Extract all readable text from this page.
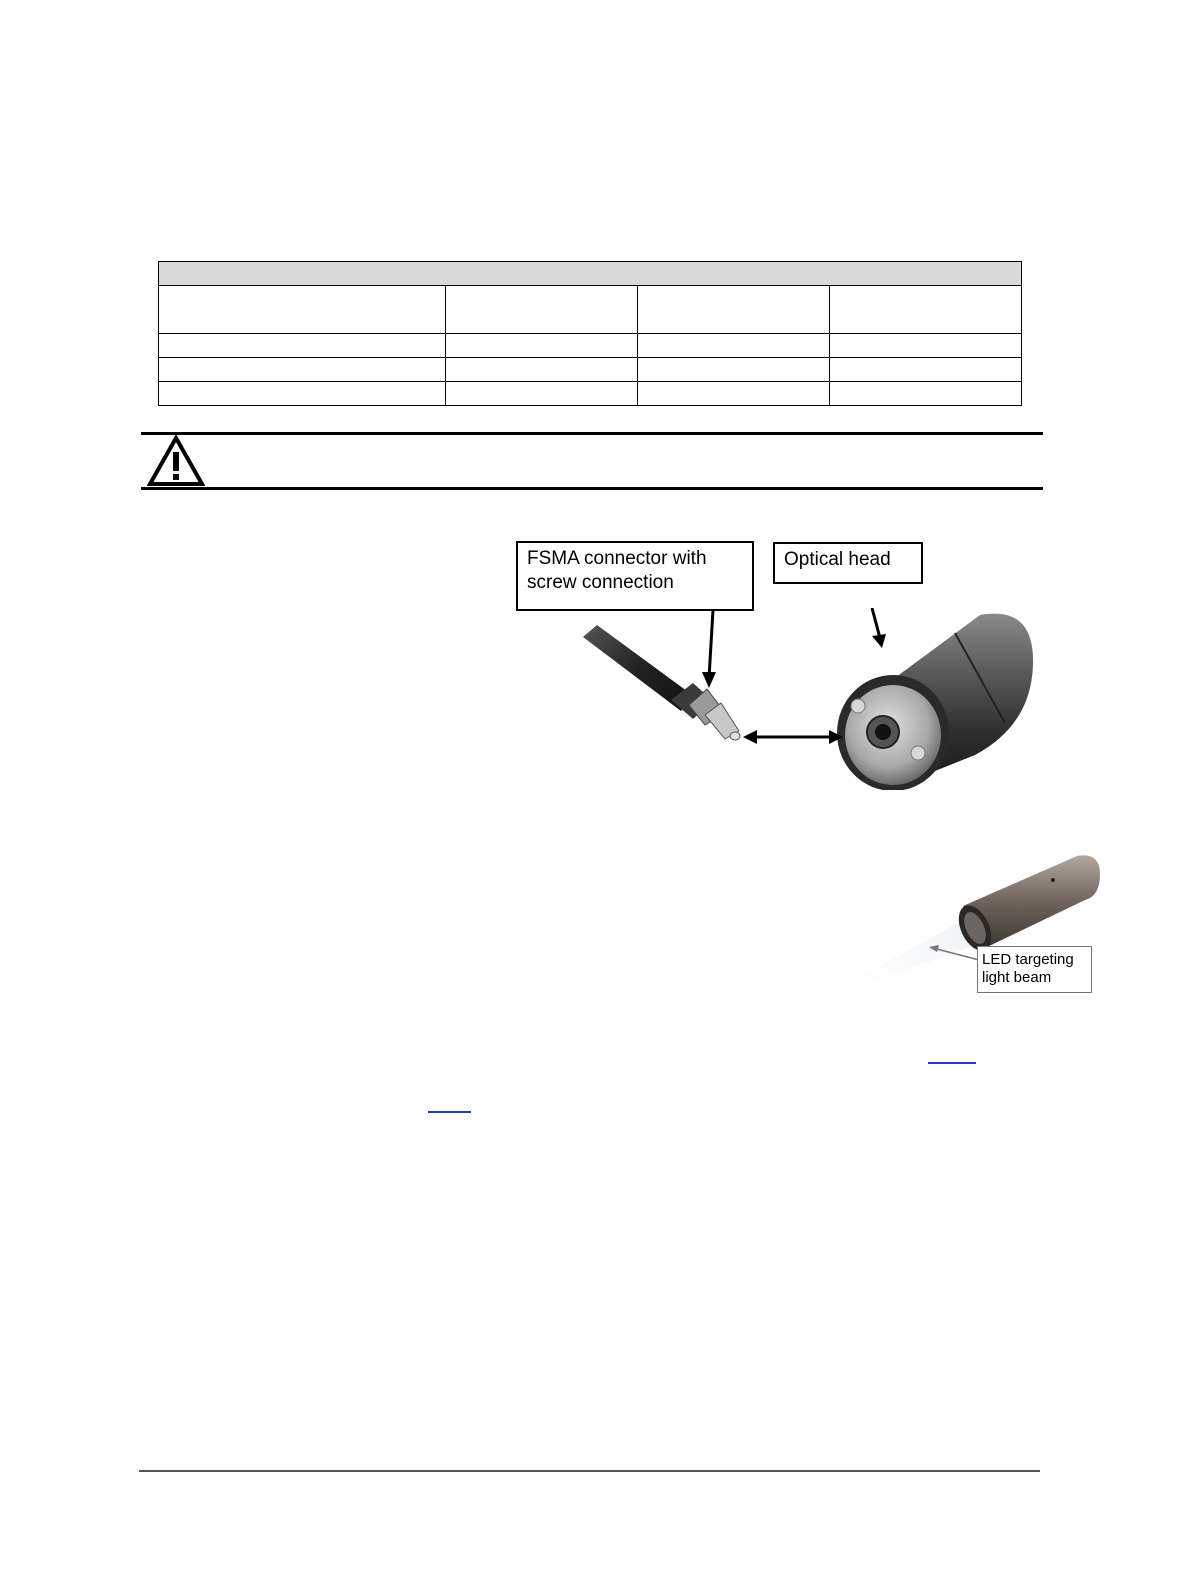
FSMA connector with
screw connection
Optical head
LED targeting
light beam
